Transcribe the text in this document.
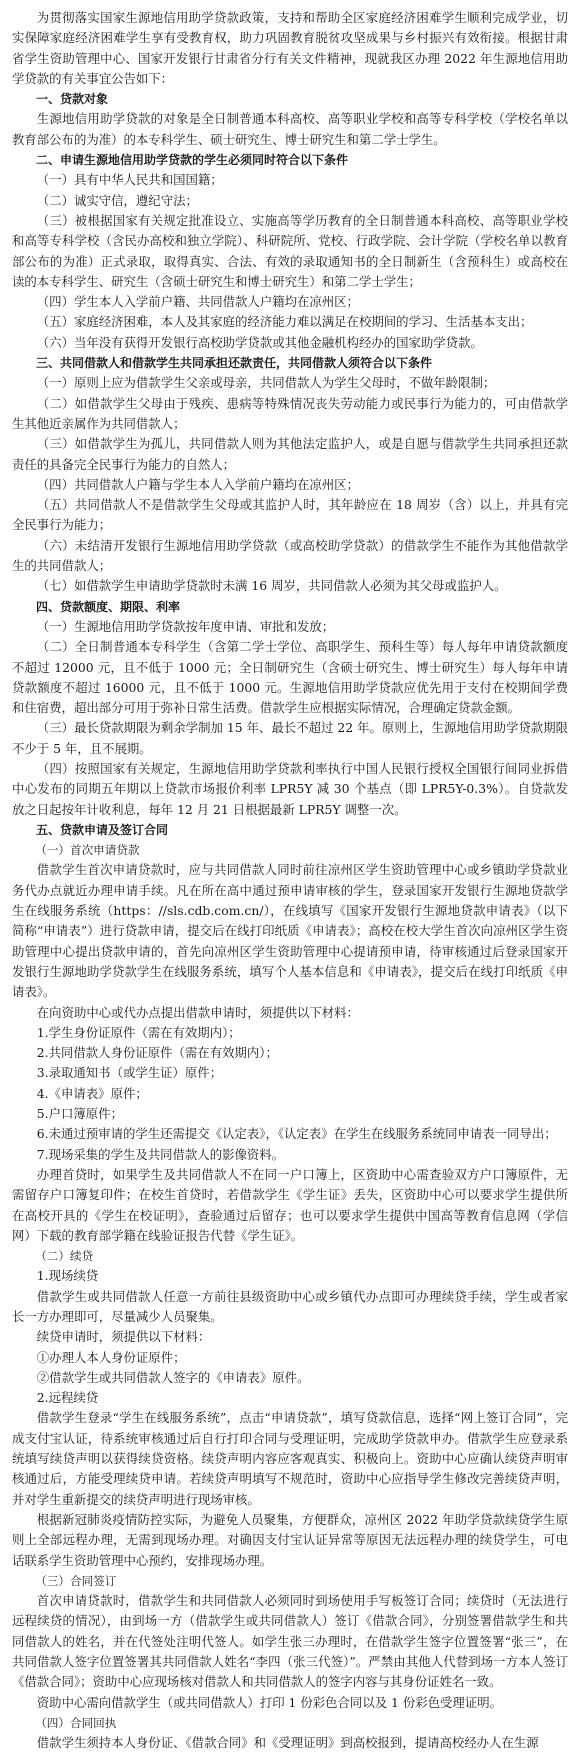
为贯彻落实国家生源地信用助学贷款政策，支持和帮助全区家庭经济困难学生顺利完成学业，切实保障家庭经济困难学生享有受教育权，助力巩固教育脱贫攻坚成果与乡村振兴有效衔接。根据甘肃省学生资助管理中心、国家开发银行甘肃省分行有关文件精神，现就我区办理 2022 年生源地信用助学贷款的有关事宜公告如下：

一、贷款对象

生源地信用助学贷款的对象是全日制普通本科高校、高等职业学校和高等专科学校（学校名单以教育部公布的为准）的本专科学生、硕士研究生、博士研究生和第二学士学生。

二、申请生源地信用助学贷款的学生必须同时符合以下条件

（一）具有中华人民共和国国籍；

（二）诚实守信，遵纪守法；

（三）被根据国家有关规定批准设立、实施高等学历教育的全日制普通本科高校、高等职业学校和高等专科学校（含民办高校和独立学院）、科研院所、党校、行政学院、会计学院（学校名单以教育部公布的为准）正式录取，取得真实、合法、有效的录取通知书的全日制新生（含预科生）或高校在读的本专科学生、研究生（含硕士研究生和博士研究生）和第二学士学生；

（四）学生本人入学前户籍、共同借款人户籍均在凉州区；

（五）家庭经济困难，本人及其家庭的经济能力难以满足在校期间的学习、生活基本支出；

（六）当年没有获得开发银行高校助学贷款或其他金融机构经办的国家助学贷款。

三、共同借款人和借款学生共同承担还款责任，共同借款人须符合以下条件

（一）原则上应为借款学生父亲或母亲，共同借款人为学生父母时，不做年龄限制；

（二）如借款学生父母由于残疾、患病等特殊情况丧失劳动能力或民事行为能力的，可由借款学生其他近亲属作为共同借款人；

（三）如借款学生为孤儿，共同借款人则为其他法定监护人，或是自愿与借款学生共同承担还款责任的具备完全民事行为能力的自然人；

（四）共同借款人户籍与学生本人入学前户籍均在凉州区；

（五）共同借款人不是借款学生父母或其监护人时，其年龄应在 18 周岁（含）以上，并具有完全民事行为能力；

（六）未结清开发银行生源地信用助学贷款（或高校助学贷款）的借款学生不能作为其他借款学生的共同借款人；

（七）如借款学生申请助学贷款时未满 16 周岁，共同借款人必须为其父母或监护人。

四、贷款额度、期限、利率

（一）生源地信用助学贷款按年度申请、审批和发放；

（二）全日制普通本专科学生（含第二学士学位、高职学生、预科生等）每人每年申请贷款额度不超过 12000 元，且不低于 1000 元；全日制研究生（含硕士研究生、博士研究生）每人每年申请贷款额度不超过 16000 元，且不低于 1000 元。生源地信用助学贷款应优先用于支付在校期间学费和住宿费，超出部分可用于弥补日常生活费。借款学生应根据实际情况，合理确定贷款金额。

（三）最长贷款期限为剩余学制加 15 年、最长不超过 22 年。原则上，生源地信用助学贷款期限不少于 5 年，且不展期。

（四）按照国家有关规定，生源地信用助学贷款利率执行中国人民银行授权全国银行间同业拆借中心发布的同期五年期以上贷款市场报价利率 LPR5Y 减 30 个基点（即 LPR5Y-0.3%）。自贷款发放之日起按年计收利息，每年 12 月 21 日根据最新 LPR5Y 调整一次。

五、贷款申请及签订合同

（一）首次申请贷款

借款学生首次申请贷款时，应与共同借款人同时前往凉州区学生资助管理中心或乡镇助学贷款业务代办点就近办理申请手续。凡在所在高中通过预申请审核的学生，登录国家开发银行生源地贷款学生在线服务系统（https：//sls.cdb.com.cn/），在线填写《国家开发银行生源地贷款申请表》（以下简称“申请表”）进行贷款申请，提交后在线打印纸质《申请表》；高校在校大学生首次向凉州区学生资助管理中心提出贷款申请的，首先向凉州区学生资助管理中心提请预申请，待审核通过后登录国家开发银行生源地助学贷款学生在线服务系统，填写个人基本信息和《申请表》，提交后在线打印纸质《申请表》。

在向资助中心或代办点提出借款申请时，须提供以下材料：

1.学生身份证原件（需在有效期内）；

2.共同借款人身份证原件（需在有效期内）；

3.录取通知书（或学生证）原件；

4.《申请表》原件；

5.户口簿原件；

6.未通过预审请的学生还需提交《认定表》，《认定表》在学生在线服务系统同申请表一同导出；

7.现场采集的学生及共同借款人的影像资料。

办理首贷时，如果学生及共同借款人不在同一户口簿上，区资助中心需查验双方户口簿原件，无需留存户口簿复印件；在校生首贷时，若借款学生《学生证》丢失，区资助中心可以要求学生提供所在高校开具的《学生在校证明》，查验通过后留存；也可以要求学生提供中国高等教育信息网（学信网）下载的教育部学籍在线验证报告代替《学生证》。

（二）续贷

1.现场续贷

借款学生或共同借款人任意一方前往县级资助中心或乡镇代办点即可办理续贷手续，学生或者家长一方办理即可，尽量减少人员聚集。

续贷申请时，须提供以下材料：

①办理人本人身份证原件；

②借款学生或共同借款人签字的《申请表》原件。

2.远程续贷

借款学生登录“学生在线服务系统”，点击“申请贷款”，填写贷款信息，选择“网上签订合同”，完成支付宝认证，待系统审核通过后自行打印合同与受理证明，完成助学贷款申办。借款学生应登录系统填写续贷声明以获得续贷资格。续贷声明内容应客观真实、积极向上。资助中心应确认续贷声明审核通过后，方能受理续贷申请。若续贷声明填写不规范时，资助中心应指导学生修改完善续贷声明，并对学生重新提交的续贷声明进行现场审核。

根据新冠肺炎疫情防控实际，为避免人员聚集，方便群众，凉州区 2022 年助学贷款续贷学生原则上全部远程办理，无需到现场办理。对确因支付宝认证异常等原因无法远程办理的续贷学生，可电话联系学生资助管理中心预约，安排现场办理。

（三）合同签订

首次申请贷款时，借款学生和共同借款人必须同时到场使用手写板签订合同；续贷时（无法进行远程续贷的情况），由到场一方（借款学生或共同借款人）签订《借款合同》，分别签署借款学生和共同借款人的姓名，并在代签处注明代签人。如学生张三办理时，在借款学生签字位置签署“张三”，在共同借款人签字位置签署其共同借款人姓名“李四（张三代签）”。严禁由其他人代替到场一方本人签订《借款合同》；资助中心应现场核对借款人和共同借款人的签字内容与其身份证姓名一致。

资助中心需向借款学生（或共同借款人）打印 1 份彩色合同以及 1 份彩色受理证明。

（四）合同回执

借款学生须持本人身份证、《借款合同》和《受理证明》到高校报到，提请高校经办人在生源
